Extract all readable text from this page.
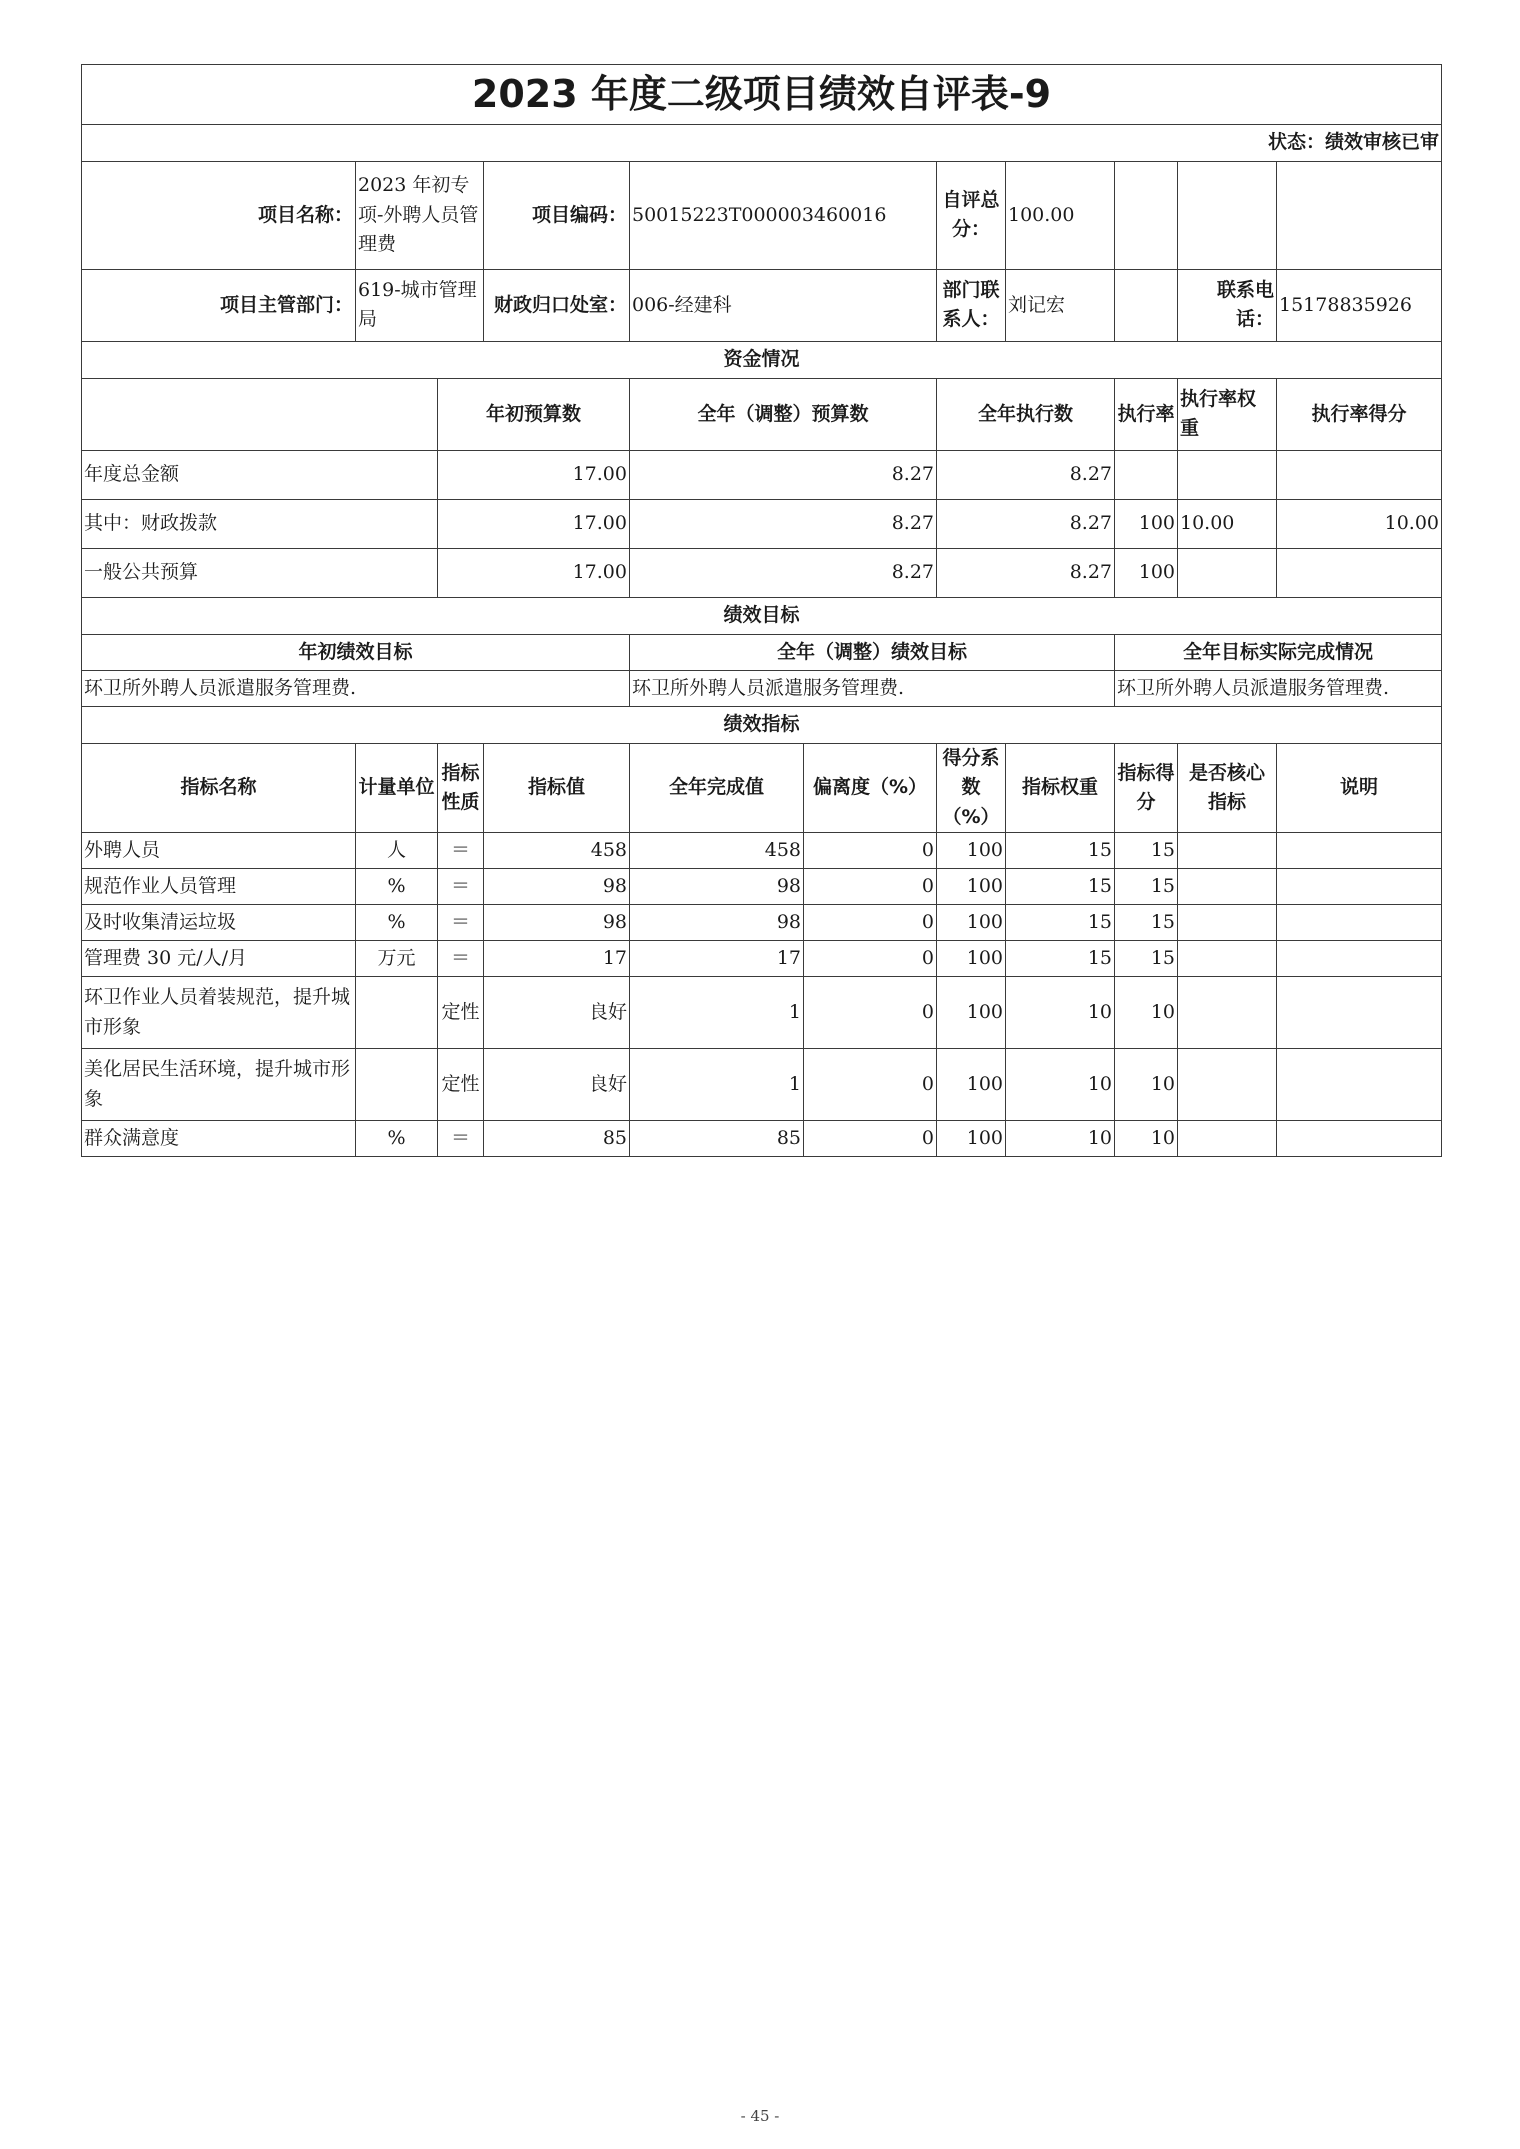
2023 年度二级项目绩效自评表-9										
状态：绩效审核已审										
项目名称：	2023 年初专项-外聘人员管理费		项目编码：	50015223T000003460016		自评总分：	100.00			
项目主管部门：	619-城市管理局		财政归口处室：	006-经建科		部门联系人：	刘记宏		联系电话：	15178835926
资金情况										
		年初预算数		全年（调整）预算数		全年执行数		执行率	执行率权重	执行率得分
年度总金额		17.00		8.27		8.27				
其中：财政拨款		17.00		8.27		8.27		100	10.00	10.00
一般公共预算		17.00		8.27		8.27		100		
绩效目标										
年初绩效目标				全年（调整）绩效目标				全年目标实际完成情况		
环卫所外聘人员派遣服务管理费.				环卫所外聘人员派遣服务管理费.				环卫所外聘人员派遣服务管理费.		
绩效指标										
指标名称	计量单位	指标性质	指标值	全年完成值	偏离度（%）	得分系数（%）	指标权重	指标得分	是否核心指标	说明
外聘人员	人	＝	458	458	0	100	15	15		
规范作业人员管理	%	＝	98	98	0	100	15	15		
及时收集清运垃圾	%	＝	98	98	0	100	15	15		
管理费 30 元/人/月	万元	＝	17	17	0	100	15	15		
环卫作业人员着装规范，提升城市形象		定性	良好	1	0	100	10	10		
美化居民生活环境，提升城市形象		定性	良好	1	0	100	10	10		
群众满意度	%	＝	85	85	0	100	10	10		
- 45 -
